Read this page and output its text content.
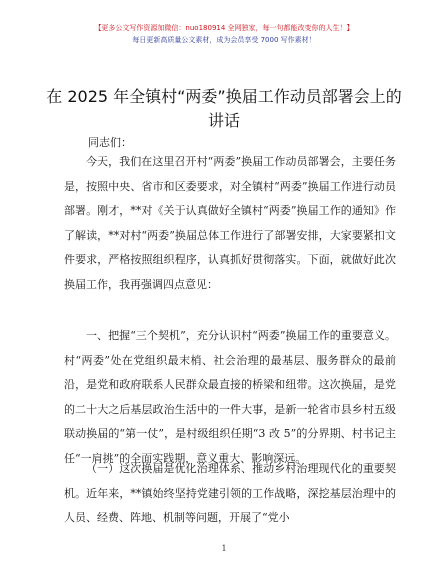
【更多公文写作资源加微信：nuo180914 全网独家，每一句都能改变你的人生！】
每日更新高质量公文素材，成为会员享受 7000 写作素材！
在 2025 年全镇村“两委”换届工作动员部署会上的讲话

同志们：

今天，我们在这里召开村“两委”换届工作动员部署会，主要任务是，按照中央、省市和区委要求，对全镇村“两委”换届工作进行动员部署。刚才，**对《关于认真做好全镇村“两委”换届工作的通知》作了解读，**对村“两委”换届总体工作进行了部署安排，大家要紧扣文件要求，严格按照组织程序，认真抓好贯彻落实。下面，就做好此次换届工作，我再强调四点意见：

一、把握“三个契机”，充分认识村“两委”换届工作的重要意义。村“两委”处在党组织最末梢、社会治理的最基层、服务群众的最前沿，是党和政府联系人民群众最直接的桥梁和纽带。这次换届，是党的二十大之后基层政治生活中的一件大事，是新一轮省市县乡村五级联动换届的“第一仗”，是村级组织任期“3 改 5”的分界期、村书记主任“一肩挑”的全面实践期，意义重大、影响深远。

（一）这次换届是优化治理体系、推动乡村治理现代化的重要契机。近年来，**镇始终坚持党建引领的工作战略，深挖基层治理中的人员、经费、阵地、机制等问题，开展了“党小

1
